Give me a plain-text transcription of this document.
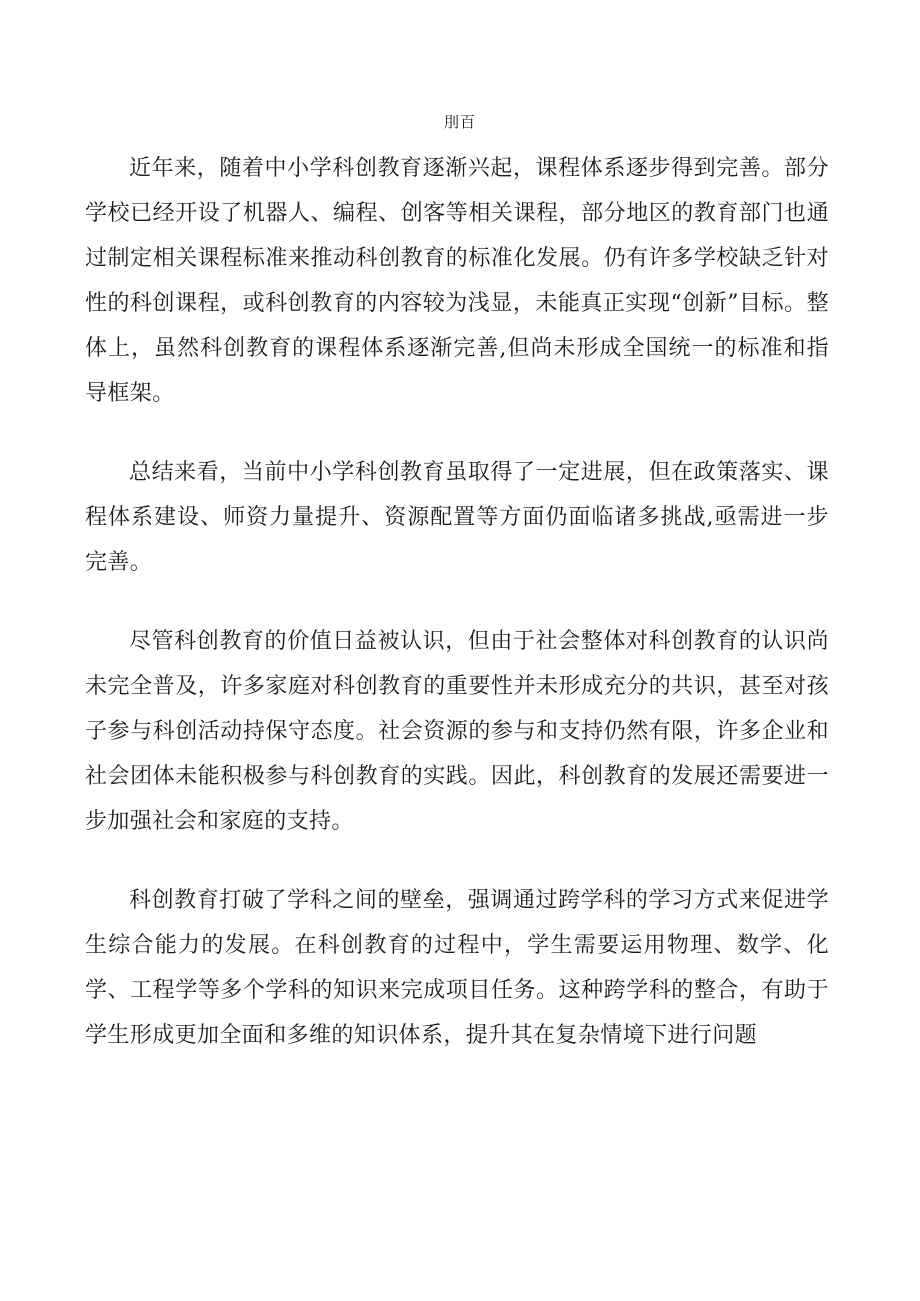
刖百

近年来，随着中小学科创教育逐渐兴起，课程体系逐步得到完善。部分学校已经开设了机器人、编程、创客等相关课程，部分地区的教育部门也通过制定相关课程标准来推动科创教育的标准化发展。仍有许多学校缺乏针对性的科创课程，或科创教育的内容较为浅显，未能真正实现“创新”目标。整体上，虽然科创教育的课程体系逐渐完善,但尚未形成全国统一的标准和指导框架。

总结来看，当前中小学科创教育虽取得了一定进展，但在政策落实、课程体系建设、师资力量提升、资源配置等方面仍面临诸多挑战,亟需进一步完善。

尽管科创教育的价值日益被认识，但由于社会整体对科创教育的认识尚未完全普及，许多家庭对科创教育的重要性并未形成充分的共识，甚至对孩子参与科创活动持保守态度。社会资源的参与和支持仍然有限，许多企业和社会团体未能积极参与科创教育的实践。因此，科创教育的发展还需要进一步加强社会和家庭的支持。

科创教育打破了学科之间的壁垒，强调通过跨学科的学习方式来促进学生综合能力的发展。在科创教育的过程中，学生需要运用物理、数学、化学、工程学等多个学科的知识来完成项目任务。这种跨学科的整合，有助于学生形成更加全面和多维的知识体系，提升其在复杂情境下进行问题
